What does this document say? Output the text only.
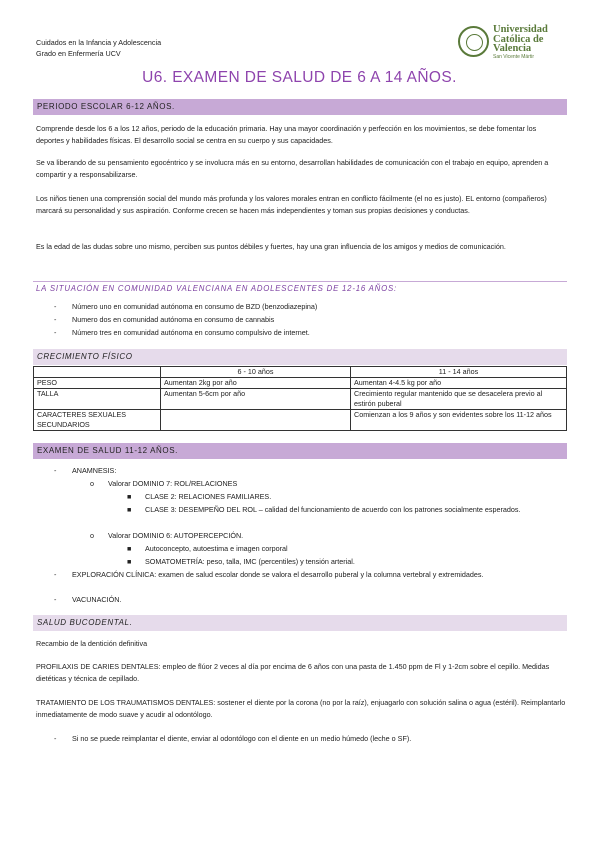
Cuidados en la Infancia y Adolescencia
Grado en Enfermería UCV
Universidad
Católica de
Valencia
San Vicente Mártir
U6. EXAMEN DE SALUD DE 6 A 14 AÑOS.
PERIODO ESCOLAR 6-12 AÑOS.
Comprende desde los 6 a los 12 años, periodo de la educación primaria. Hay una mayor coordinación y perfección en los movimientos, se debe fomentar los deportes y habilidades físicas. El desarrollo social se centra en su cuerpo y sus capacidades.
Se va liberando de su pensamiento egocéntrico y se involucra más en su entorno, desarrollan habilidades de comunicación con el trabajo en equipo, aprenden a compartir y a responsabilizarse.
Los niños tienen una comprensión social del mundo más profunda y los valores morales entran en conflicto fácilmente (el no es justo). EL entorno (compañeros) marcará su personalidad y sus aspiración. Conforme crecen se hacen más independientes y toman sus propias decisiones y conductas.
Es la edad de las dudas sobre uno mismo, perciben sus puntos débiles y fuertes, hay una gran influencia de los amigos y medios de comunicación.
LA SITUACIÓN EN COMUNIDAD VALENCIANA EN ADOLESCENTES DE 12-16 AÑOS:
- Número uno en comunidad autónoma en consumo de BZD (benzodiazepina)
- Numero dos en comunidad autónoma en consumo de cannabis
- Número tres en comunidad autónoma en consumo compulsivo de internet.
CRECIMIENTO FÍSICO
	6 - 10 años	11 - 14 años
PESO	Aumentan 2kg por año	Aumentan 4-4.5 kg por año
TALLA	Aumentan 5-6cm por año	Crecimiento regular mantenido que se desacelera previo al estirón puberal
CARACTERES SEXUALES SECUNDARIOS		Comienzan a los 9 años y son evidentes sobre los 11-12 años
EXAMEN DE SALUD 11-12 AÑOS.
- ANAMNESIS:
o Valorar DOMINIO 7: ROL/RELACIONES
■ CLASE 2: RELACIONES FAMILIARES.
■ CLASE 3: DESEMPEÑO DEL ROL – calidad del funcionamiento de acuerdo con los patrones socialmente esperados.
o Valorar DOMINIO 6: AUTOPERCEPCIÓN.
■ Autoconcepto, autoestima e imagen corporal
■ SOMATOMETRÍA: peso, talla, IMC (percentiles) y tensión arterial.
- EXPLORACIÓN CLÍNICA: examen de salud escolar donde se valora el desarrollo puberal y la columna vertebral y extremidades.
- VACUNACIÓN.
SALUD BUCODENTAL.
Recambio de la dentición definitiva
PROFILAXIS DE CARIES DENTALES: empleo de flúor 2 veces al día por encima de 6 años con una pasta de 1.450 ppm de Fl y 1-2cm sobre el cepillo. Medidas dietéticas y técnica de cepillado.
TRATAMIENTO DE LOS TRAUMATISMOS DENTALES: sostener el diente por la corona (no por la raíz), enjuagarlo con solución salina o agua (estéril). Reimplantarlo inmediatamente de modo suave y acudir al odontólogo.
- Si no se puede reimplantar el diente, enviar al odontólogo con el diente en un medio húmedo (leche o SF).
